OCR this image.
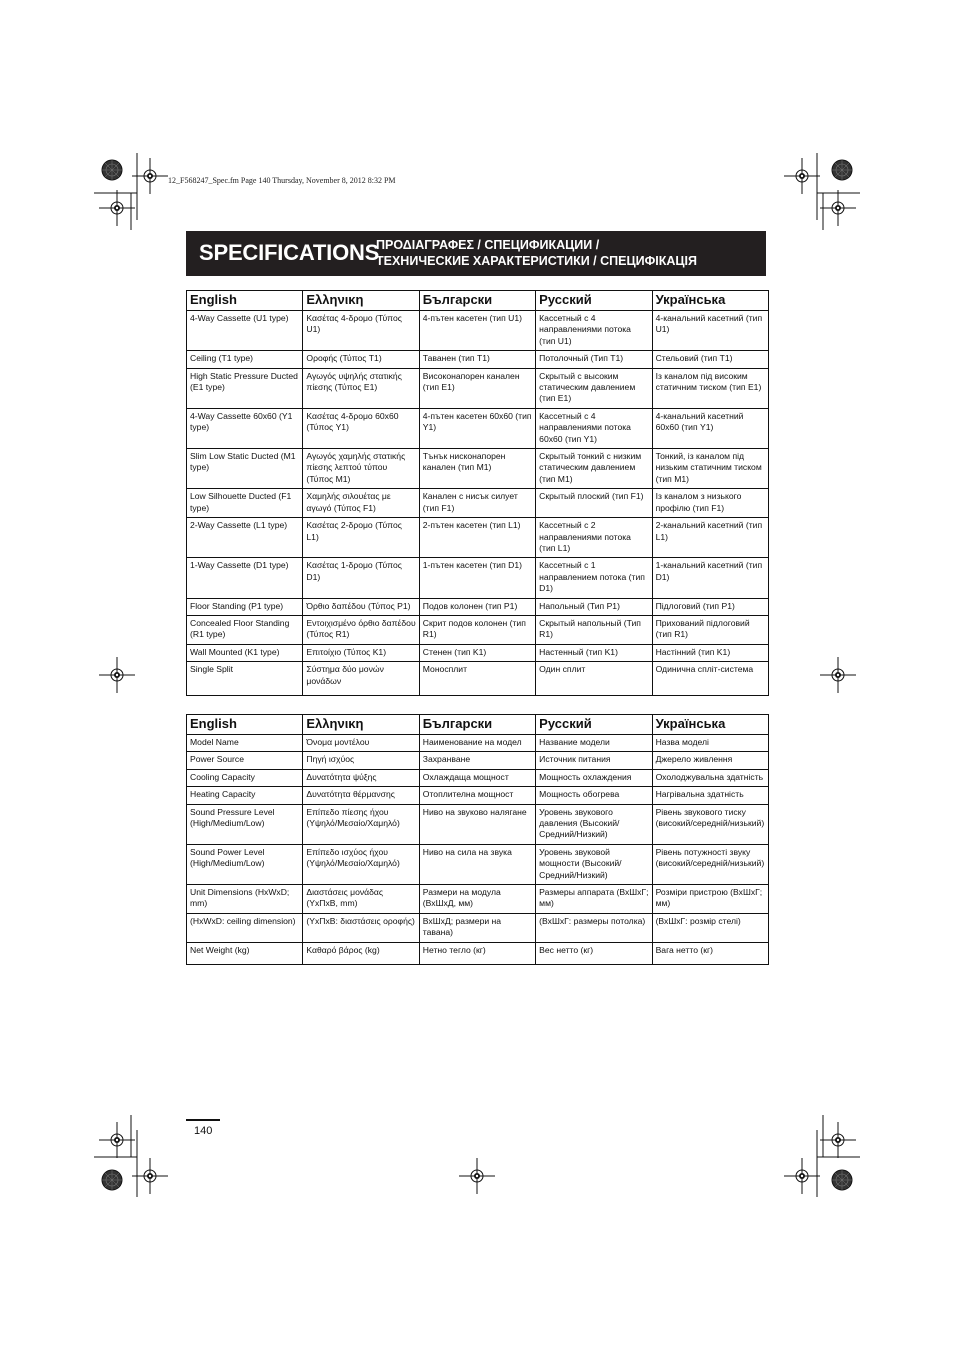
12_F568247_Spec.fm Page 140 Thursday, November 8, 2012 8:32 PM
SPECIFICATIONS
ΠΡΟΔΙΑΓΡΑΦΕΣ / СПЕЦИФИКАЦИИ /
ТЕХНИЧЕСКИЕ ХАРАКТЕРИСТИКИ / СПЕЦИФІКАЦІЯ
English	Ελληνικη	Български	Русский	Українська
4-Way Cassette (U1 type)	Κασέτας 4-δρομο (Τύπος U1)	4-пътен касетен (тип U1)	Кассетный с 4 направлениями потока (тип U1)	4-канальний касетний (тип U1)
Ceiling (T1 type)	Οροφής (Τύπος T1)	Таванен (тип T1)	Потолочный (Тип T1)	Стельовий (тип T1)
High Static Pressure Ducted (E1 type)	Αγωγός υψηλής στατικής πίεσης (Τύπος E1)	Високонапорен канален (тип E1)	Скрытый с высоким статическим давлением (тип E1)	Із каналом під високим статичним тиском (тип E1)
4-Way Cassette 60x60 (Y1 type)	Κασέτας 4-δρομο 60x60 (Τύπος Y1)	4-пътен касетен 60x60 (тип Y1)	Кассетный с 4 направлениями потока 60x60 (тип Y1)	4-канальний касетний 60x60 (тип Y1)
Slim Low Static Ducted (M1 type)	Αγωγός χαμηλής στατικής πίεσης λεπτού τύπου (Τύπος M1)	Тънък нисконапорен канален (тип M1)	Скрытый тонкий с низким статическим давлением (тип M1)	Тонкий, із каналом під низьким статичним тиском (тип M1)
Low Silhouette Ducted (F1 type)	Χαμηλής σιλουέτας με αγωγό (Τύπος F1)	Канален с нисък силует (тип F1)	Скрытый плоский (тип F1)	Із каналом з низького профілю (тип F1)
2-Way Cassette (L1 type)	Κασέτας 2-δρομο (Τύπος L1)	2-пътен касетен (тип L1)	Кассетный с 2 направлениями потока (тип L1)	2-канальний касетний (тип L1)
1-Way Cassette (D1 type)	Κασέτας 1-δρομο (Τύπος D1)	1-пътен касетен (тип D1)	Кассетный с 1 направлением потока (тип D1)	1-канальний касетний (тип D1)
Floor Standing (P1 type)	Όρθιο δαπέδου (Τύπος P1)	Подов колонен (тип P1)	Напольный (Тип P1)	Підлоговий (тип P1)
Concealed Floor Standing (R1 type)	Εντοιχισμένο όρθιο δαπέδου (Τύπος R1)	Скрит подов колонен (тип R1)	Скрытый напольный (Тип R1)	Прихований підлоговий (тип R1)
Wall Mounted (K1 type)	Επιτοίχιο (Τύπος K1)	Стенен (тип K1)	Настенный (тип K1)	Настінний (тип K1)
Single Split	Σύστημα δύο μονών μονάδων	Моносплит	Один сплит	Одинична спліт-система
English	Ελληνικη	Български	Русский	Українська
Model Name	Όνομα μοντέλου	Наименование на модел	Название модели	Назва моделі
Power Source	Πηγή ισχύος	Захранване	Источник питания	Джерело живлення
Cooling Capacity	Δυνατότητα ψύξης	Охлаждаща мощност	Мощность охлаждения	Охолоджувальна здатність
Heating Capacity	Δυνατότητα θέρμανσης	Отоплителна мощност	Мощность обогрева	Нагрівальна здатність
Sound Pressure Level (High/Medium/Low)	Επίπεδο πίεσης ήχου (Υψηλό/Μεσαίο/Χαμηλό)	Ниво на звуково налягане	Уровень звукового давления (Высокий/Средний/Низкий)	Рівень звукового тиску (високий/середній/низький)
Sound Power Level (High/Medium/Low)	Επίπεδο ισχύος ήχου (Υψηλό/Μεσαίο/Χαμηλό)	Ниво на сила на звука	Уровень звуковой мощности (Высокий/Средний/Низкий)	Рівень потужності звуку (високий/середній/низький)
Unit Dimensions (HxWxD; mm)	Διαστάσεις μονάδας (ΥxΠxΒ, mm)	Размери на модула (ВхШхД, мм)	Размеры аппарата (ВхШхГ; мм)	Розміри пристрою (ВхШхГ; мм)
(HxWxD: ceiling dimension)	(ΥxΠxΒ: διαστάσεις οροφής)	ВхШхД; размери на тавана)	(ВхШхГ: размеры потолка)	(ВхШхГ: розмір стелі)
Net Weight (kg)	Καθαρό βάρος (kg)	Нетно тегло (кг)	Вес нетто (кг)	Вага нетто (кг)
140
